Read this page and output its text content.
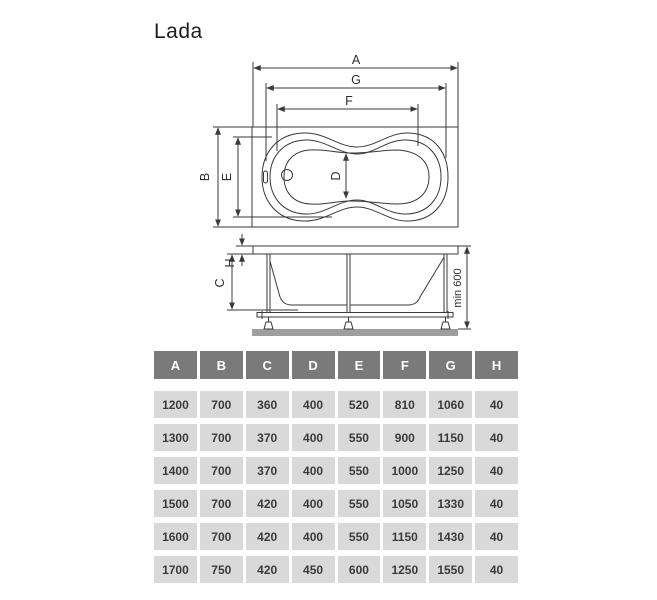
Lada
A
G
F
B E	D
H
C	min 600
A	B	C	D	E	F	G	H
1200	700	360	400	520	810	1060	40
1300	700	370	400	550	900	1150	40
1400	700	370	400	550	1000	1250	40
1500	700	420	400	550	1050	1330	40
1600	700	420	400	550	1150	1430	40
1700	750	420	450	600	1250	1550	40
